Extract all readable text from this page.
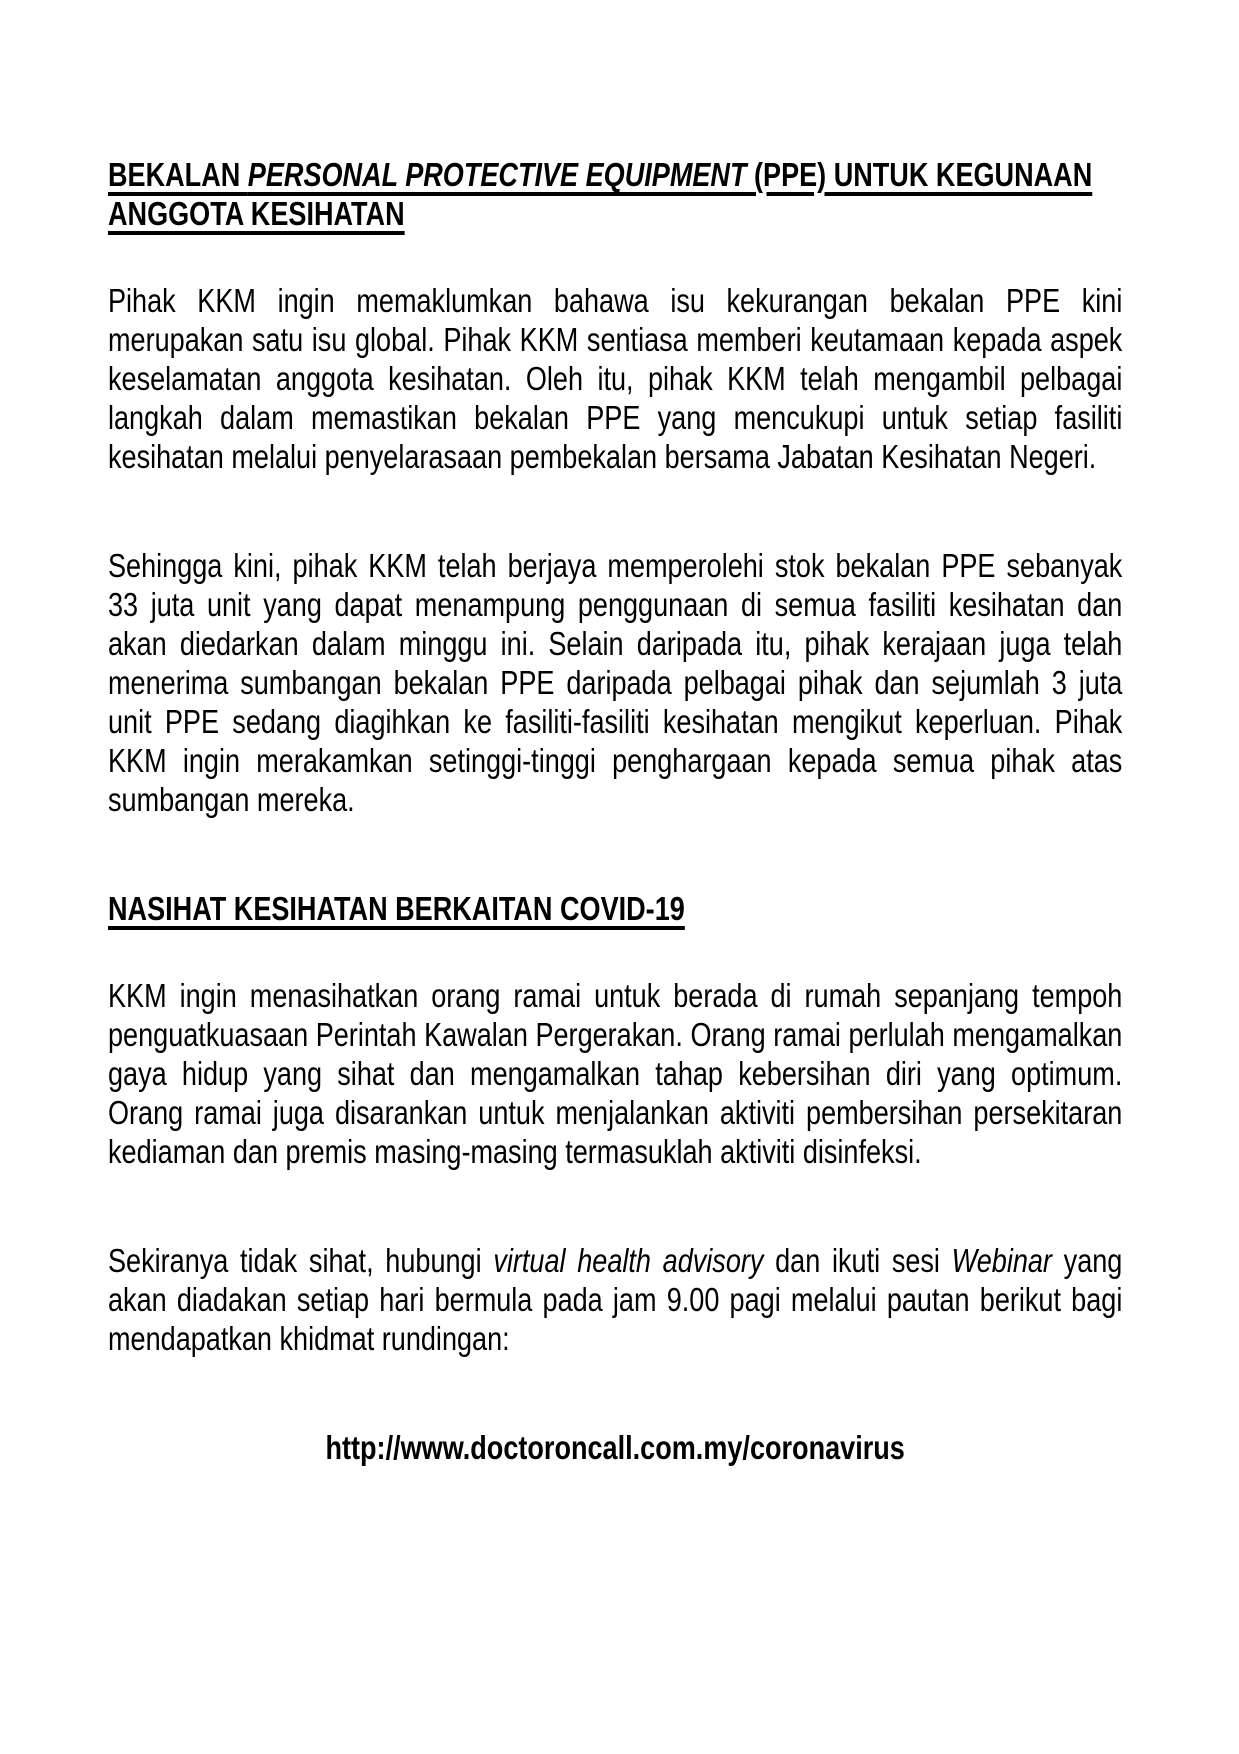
BEKALAN PERSONAL PROTECTIVE EQUIPMENT (PPE) UNTUK KEGUNAAN ANGGOTA KESIHATAN

Pihak KKM ingin memaklumkan bahawa isu kekurangan bekalan PPE kini merupakan satu isu global. Pihak KKM sentiasa memberi keutamaan kepada aspek keselamatan anggota kesihatan. Oleh itu, pihak KKM telah mengambil pelbagai langkah dalam memastikan bekalan PPE yang mencukupi untuk setiap fasiliti kesihatan melalui penyelarasaan pembekalan bersama Jabatan Kesihatan Negeri.

Sehingga kini, pihak KKM telah berjaya memperolehi stok bekalan PPE sebanyak 33 juta unit yang dapat menampung penggunaan di semua fasiliti kesihatan dan akan diedarkan dalam minggu ini. Selain daripada itu, pihak kerajaan juga telah menerima sumbangan bekalan PPE daripada pelbagai pihak dan sejumlah 3 juta unit PPE sedang diagihkan ke fasiliti-fasiliti kesihatan mengikut keperluan. Pihak KKM ingin merakamkan setinggi-tinggi penghargaan kepada semua pihak atas sumbangan mereka.

NASIHAT KESIHATAN BERKAITAN COVID-19

KKM ingin menasihatkan orang ramai untuk berada di rumah sepanjang tempoh penguatkuasaan Perintah Kawalan Pergerakan. Orang ramai perlulah mengamalkan gaya hidup yang sihat dan mengamalkan tahap kebersihan diri yang optimum. Orang ramai juga disarankan untuk menjalankan aktiviti pembersihan persekitaran kediaman dan premis masing-masing termasuklah aktiviti disinfeksi.

Sekiranya tidak sihat, hubungi virtual health advisory dan ikuti sesi Webinar yang akan diadakan setiap hari bermula pada jam 9.00 pagi melalui pautan berikut bagi mendapatkan khidmat rundingan:

http://www.doctoroncall.com.my/coronavirus
